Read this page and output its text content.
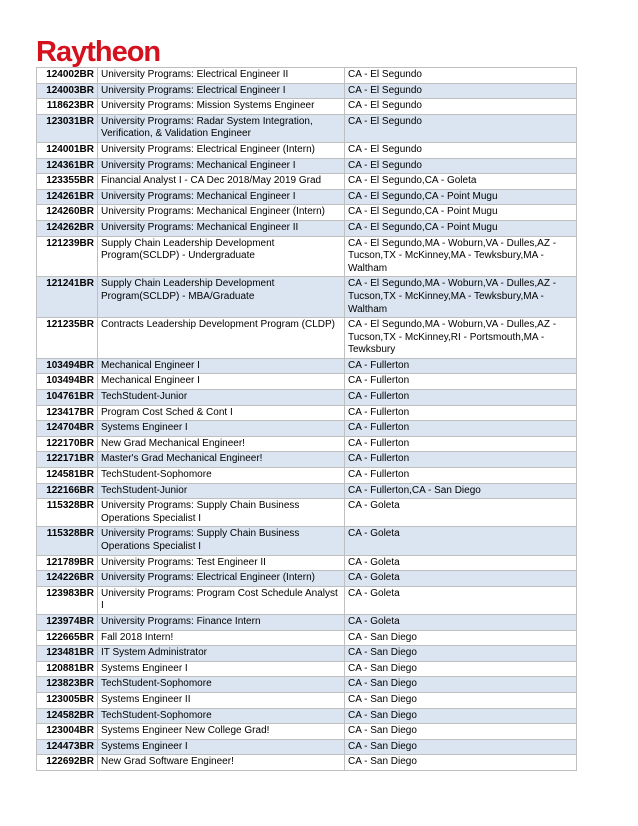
Raytheon
124002BR	University Programs: Electrical Engineer II	CA - El Segundo
124003BR	University Programs: Electrical Engineer I	CA - El Segundo
118623BR	University Programs: Mission Systems Engineer	CA - El Segundo
123031BR	University Programs: Radar System Integration, Verification, & Validation Engineer	CA - El Segundo
124001BR	University Programs: Electrical Engineer (Intern)	CA - El Segundo
124361BR	University Programs: Mechanical Engineer I	CA - El Segundo
123355BR	Financial Analyst I - CA Dec 2018/May 2019 Grad	CA - El Segundo,CA - Goleta
124261BR	University Programs: Mechanical Engineer I	CA - El Segundo,CA - Point Mugu
124260BR	University Programs: Mechanical Engineer (Intern)	CA - El Segundo,CA - Point Mugu
124262BR	University Programs: Mechanical Engineer II	CA - El Segundo,CA - Point Mugu
121239BR	Supply Chain Leadership Development Program(SCLDP) - Undergraduate	CA - El Segundo,MA - Woburn,VA - Dulles,AZ - Tucson,TX - McKinney,MA - Tewksbury,MA - Waltham
121241BR	Supply Chain Leadership Development Program(SCLDP) - MBA/Graduate	CA - El Segundo,MA - Woburn,VA - Dulles,AZ - Tucson,TX - McKinney,MA - Tewksbury,MA - Waltham
121235BR	Contracts Leadership Development Program (CLDP)	CA - El Segundo,MA - Woburn,VA - Dulles,AZ - Tucson,TX - McKinney,RI - Portsmouth,MA - Tewksbury
103494BR	Mechanical Engineer I	CA - Fullerton
103494BR	Mechanical Engineer I	CA - Fullerton
104761BR	TechStudent-Junior	CA - Fullerton
123417BR	Program Cost Sched & Cont I	CA - Fullerton
124704BR	Systems Engineer I	CA - Fullerton
122170BR	New Grad Mechanical Engineer!	CA - Fullerton
122171BR	Master's Grad Mechanical Engineer!	CA - Fullerton
124581BR	TechStudent-Sophomore	CA - Fullerton
122166BR	TechStudent-Junior	CA - Fullerton,CA - San Diego
115328BR	University Programs: Supply Chain Business Operations Specialist I	CA - Goleta
115328BR	University Programs: Supply Chain Business Operations Specialist I	CA - Goleta
121789BR	University Programs: Test Engineer II	CA - Goleta
124226BR	University Programs: Electrical Engineer (Intern)	CA - Goleta
123983BR	University Programs: Program Cost Schedule Analyst I	CA - Goleta
123974BR	University Programs: Finance Intern	CA - Goleta
122665BR	Fall 2018 Intern!	CA - San Diego
123481BR	IT System Administrator	CA - San Diego
120881BR	Systems Engineer I	CA - San Diego
123823BR	TechStudent-Sophomore	CA - San Diego
123005BR	Systems Engineer II	CA - San Diego
124582BR	TechStudent-Sophomore	CA - San Diego
123004BR	Systems Engineer New College Grad!	CA - San Diego
124473BR	Systems Engineer I	CA - San Diego
122692BR	New Grad Software Engineer!	CA - San Diego
